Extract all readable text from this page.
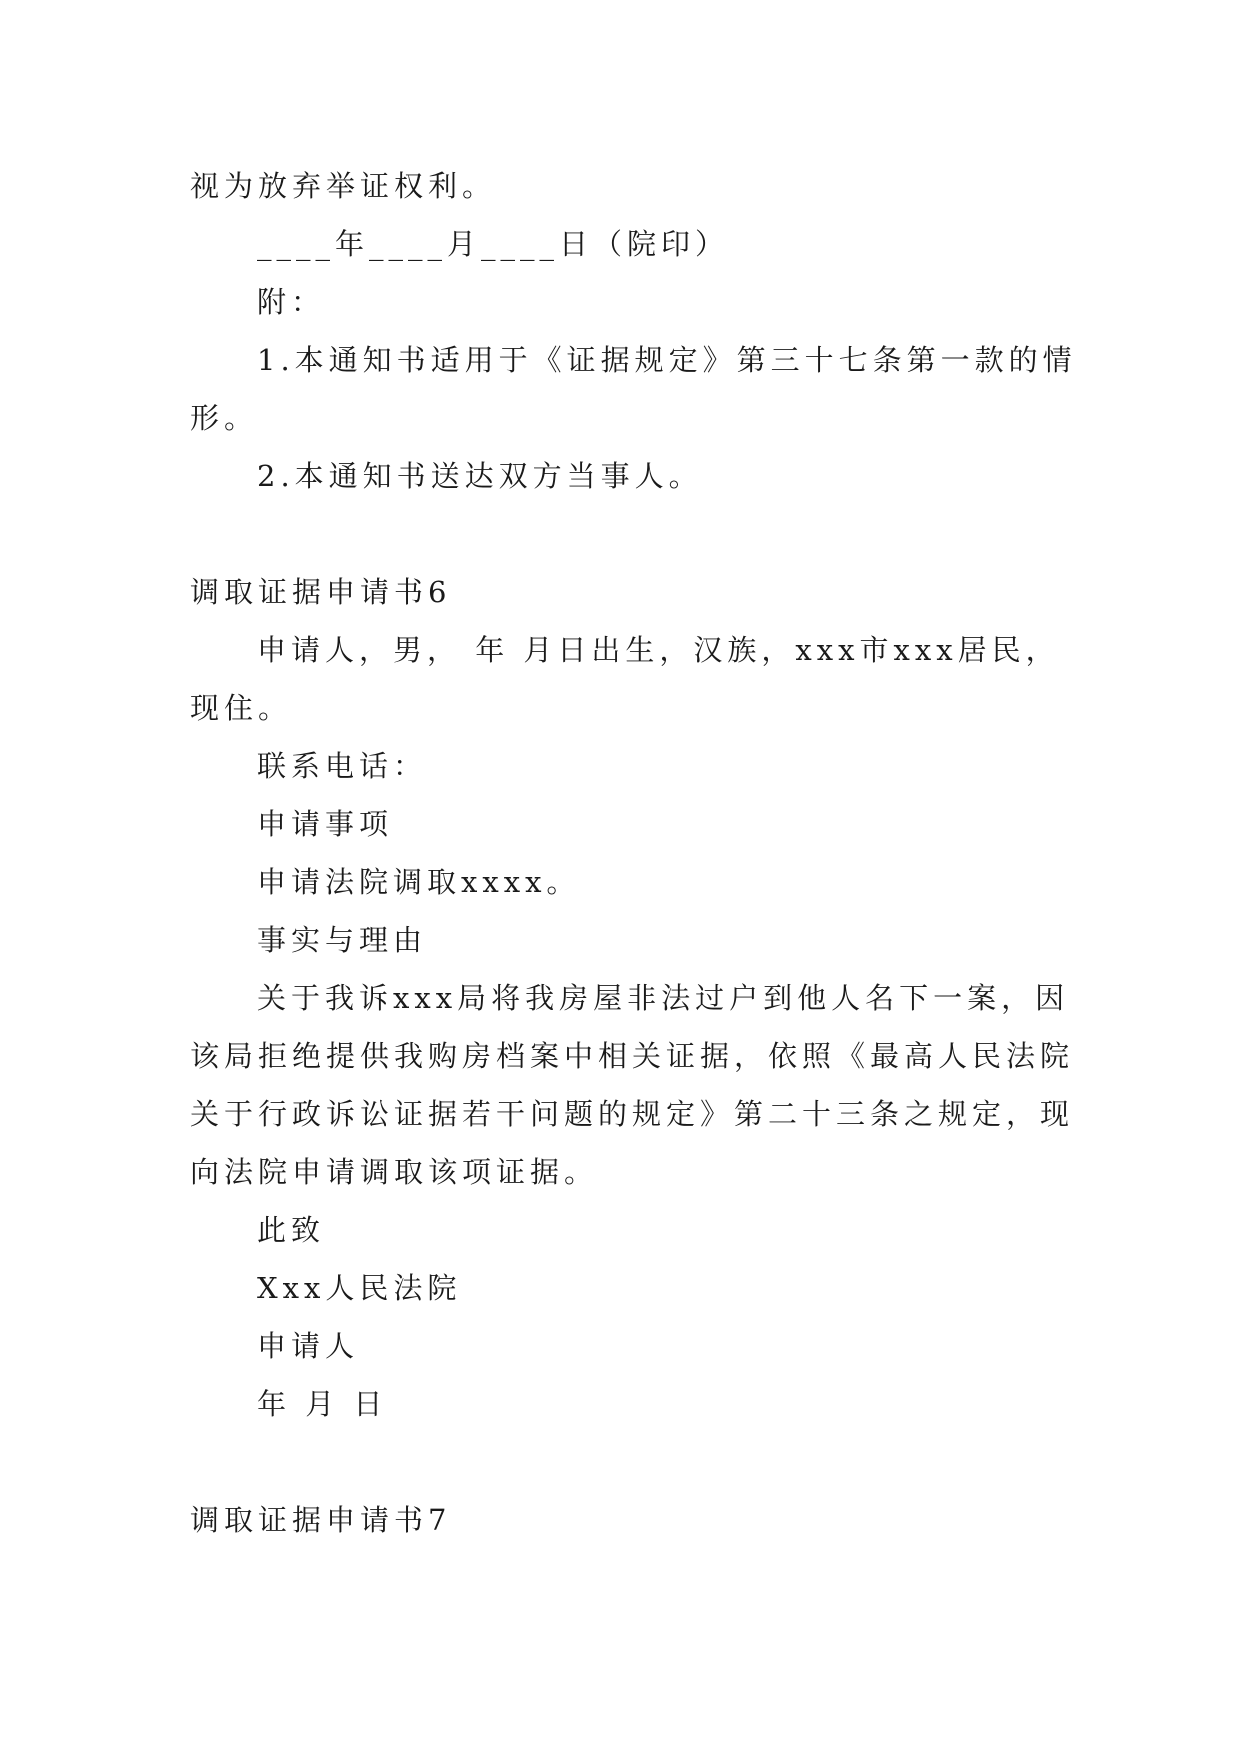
视为放弃举证权利。
____年____月____日（院印）
附：
1.本通知书适用于《证据规定》第三十七条第一款的情
形。
2.本通知书送达双方当事人。
调取证据申请书6
申请人，男， 年 月日出生，汉族，xxx市xxx居民，
现住。
联系电话：
申请事项
申请法院调取xxxx。
事实与理由
关于我诉xxx局将我房屋非法过户到他人名下一案，因
该局拒绝提供我购房档案中相关证据，依照《最高人民法院
关于行政诉讼证据若干问题的规定》第二十三条之规定，现
向法院申请调取该项证据。
此致
Xxx人民法院
申请人
年 月 日
调取证据申请书7
